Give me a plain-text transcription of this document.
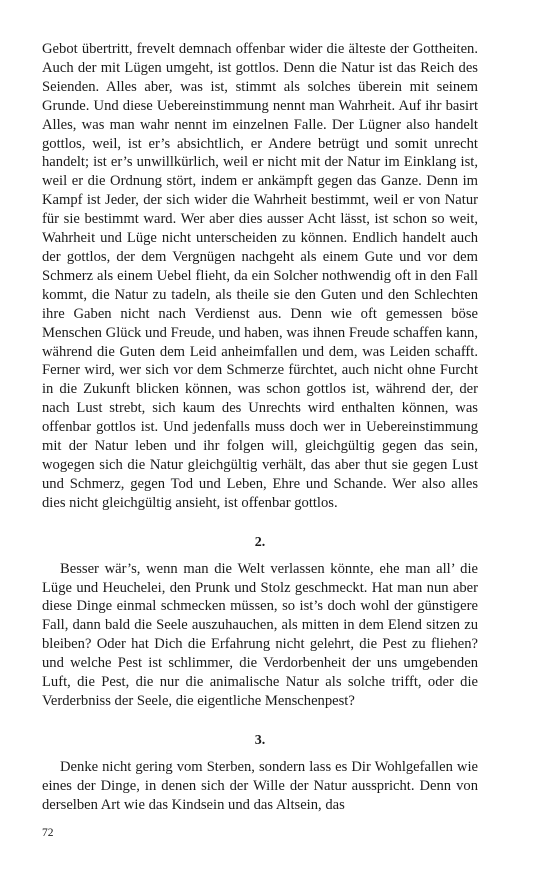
Gebot übertritt, frevelt demnach offenbar wider die älteste der Gottheiten. Auch der mit Lügen umgeht, ist gottlos. Denn die Natur ist das Reich des Seienden. Alles aber, was ist, stimmt als solches überein mit seinem Grunde. Und diese Uebereinstimmung nennt man Wahrheit. Auf ihr basirt Alles, was man wahr nennt im einzelnen Falle. Der Lügner also handelt gottlos, weil, ist er’s absichtlich, er Andere betrügt und somit unrecht handelt; ist er’s unwillkürlich, weil er nicht mit der Natur im Einklang ist, weil er die Ordnung stört, indem er ankämpft gegen das Ganze. Denn im Kampf ist Jeder, der sich wider die Wahrheit bestimmt, weil er von Natur für sie bestimmt ward. Wer aber dies ausser Acht lässt, ist schon so weit, Wahrheit und Lüge nicht unterscheiden zu können. Endlich handelt auch der gottlos, der dem Vergnügen nachgeht als einem Gute und vor dem Schmerz als einem Uebel flieht, da ein Solcher nothwendig oft in den Fall kommt, die Natur zu tadeln, als theile sie den Guten und den Schlechten ihre Gaben nicht nach Verdienst aus. Denn wie oft gemessen böse Menschen Glück und Freude, und haben, was ihnen Freude schaffen kann, während die Guten dem Leid anheimfallen und dem, was Leiden schafft. Ferner wird, wer sich vor dem Schmerze fürchtet, auch nicht ohne Furcht in die Zukunft blicken können, was schon gottlos ist, während der, der nach Lust strebt, sich kaum des Unrechts wird enthalten können, was offenbar gottlos ist. Und jedenfalls muss doch wer in Uebereinstimmung mit der Natur leben und ihr folgen will, gleichgültig gegen das sein, wogegen sich die Natur gleichgültig verhält, das aber thut sie gegen Lust und Schmerz, gegen Tod und Leben, Ehre und Schande. Wer also alles dies nicht gleichgültig ansieht, ist offenbar gottlos.

2.

Besser wär’s, wenn man die Welt verlassen könnte, ehe man all’ die Lüge und Heuchelei, den Prunk und Stolz geschmeckt. Hat man nun aber diese Dinge einmal schmecken müssen, so ist’s doch wohl der günstigere Fall, dann bald die Seele auszuhauchen, als mitten in dem Elend sitzen zu bleiben? Oder hat Dich die Erfahrung nicht gelehrt, die Pest zu fliehen? und welche Pest ist schlimmer, die Verdorbenheit der uns umgebenden Luft, die Pest, die nur die animalische Natur als solche trifft, oder die Verderbniss der Seele, die eigentliche Menschenpest?

3.

Denke nicht gering vom Sterben, sondern lass es Dir Wohlgefallen wie eines der Dinge, in denen sich der Wille der Natur ausspricht. Denn von derselben Art wie das Kindsein und das Altsein, das

72
